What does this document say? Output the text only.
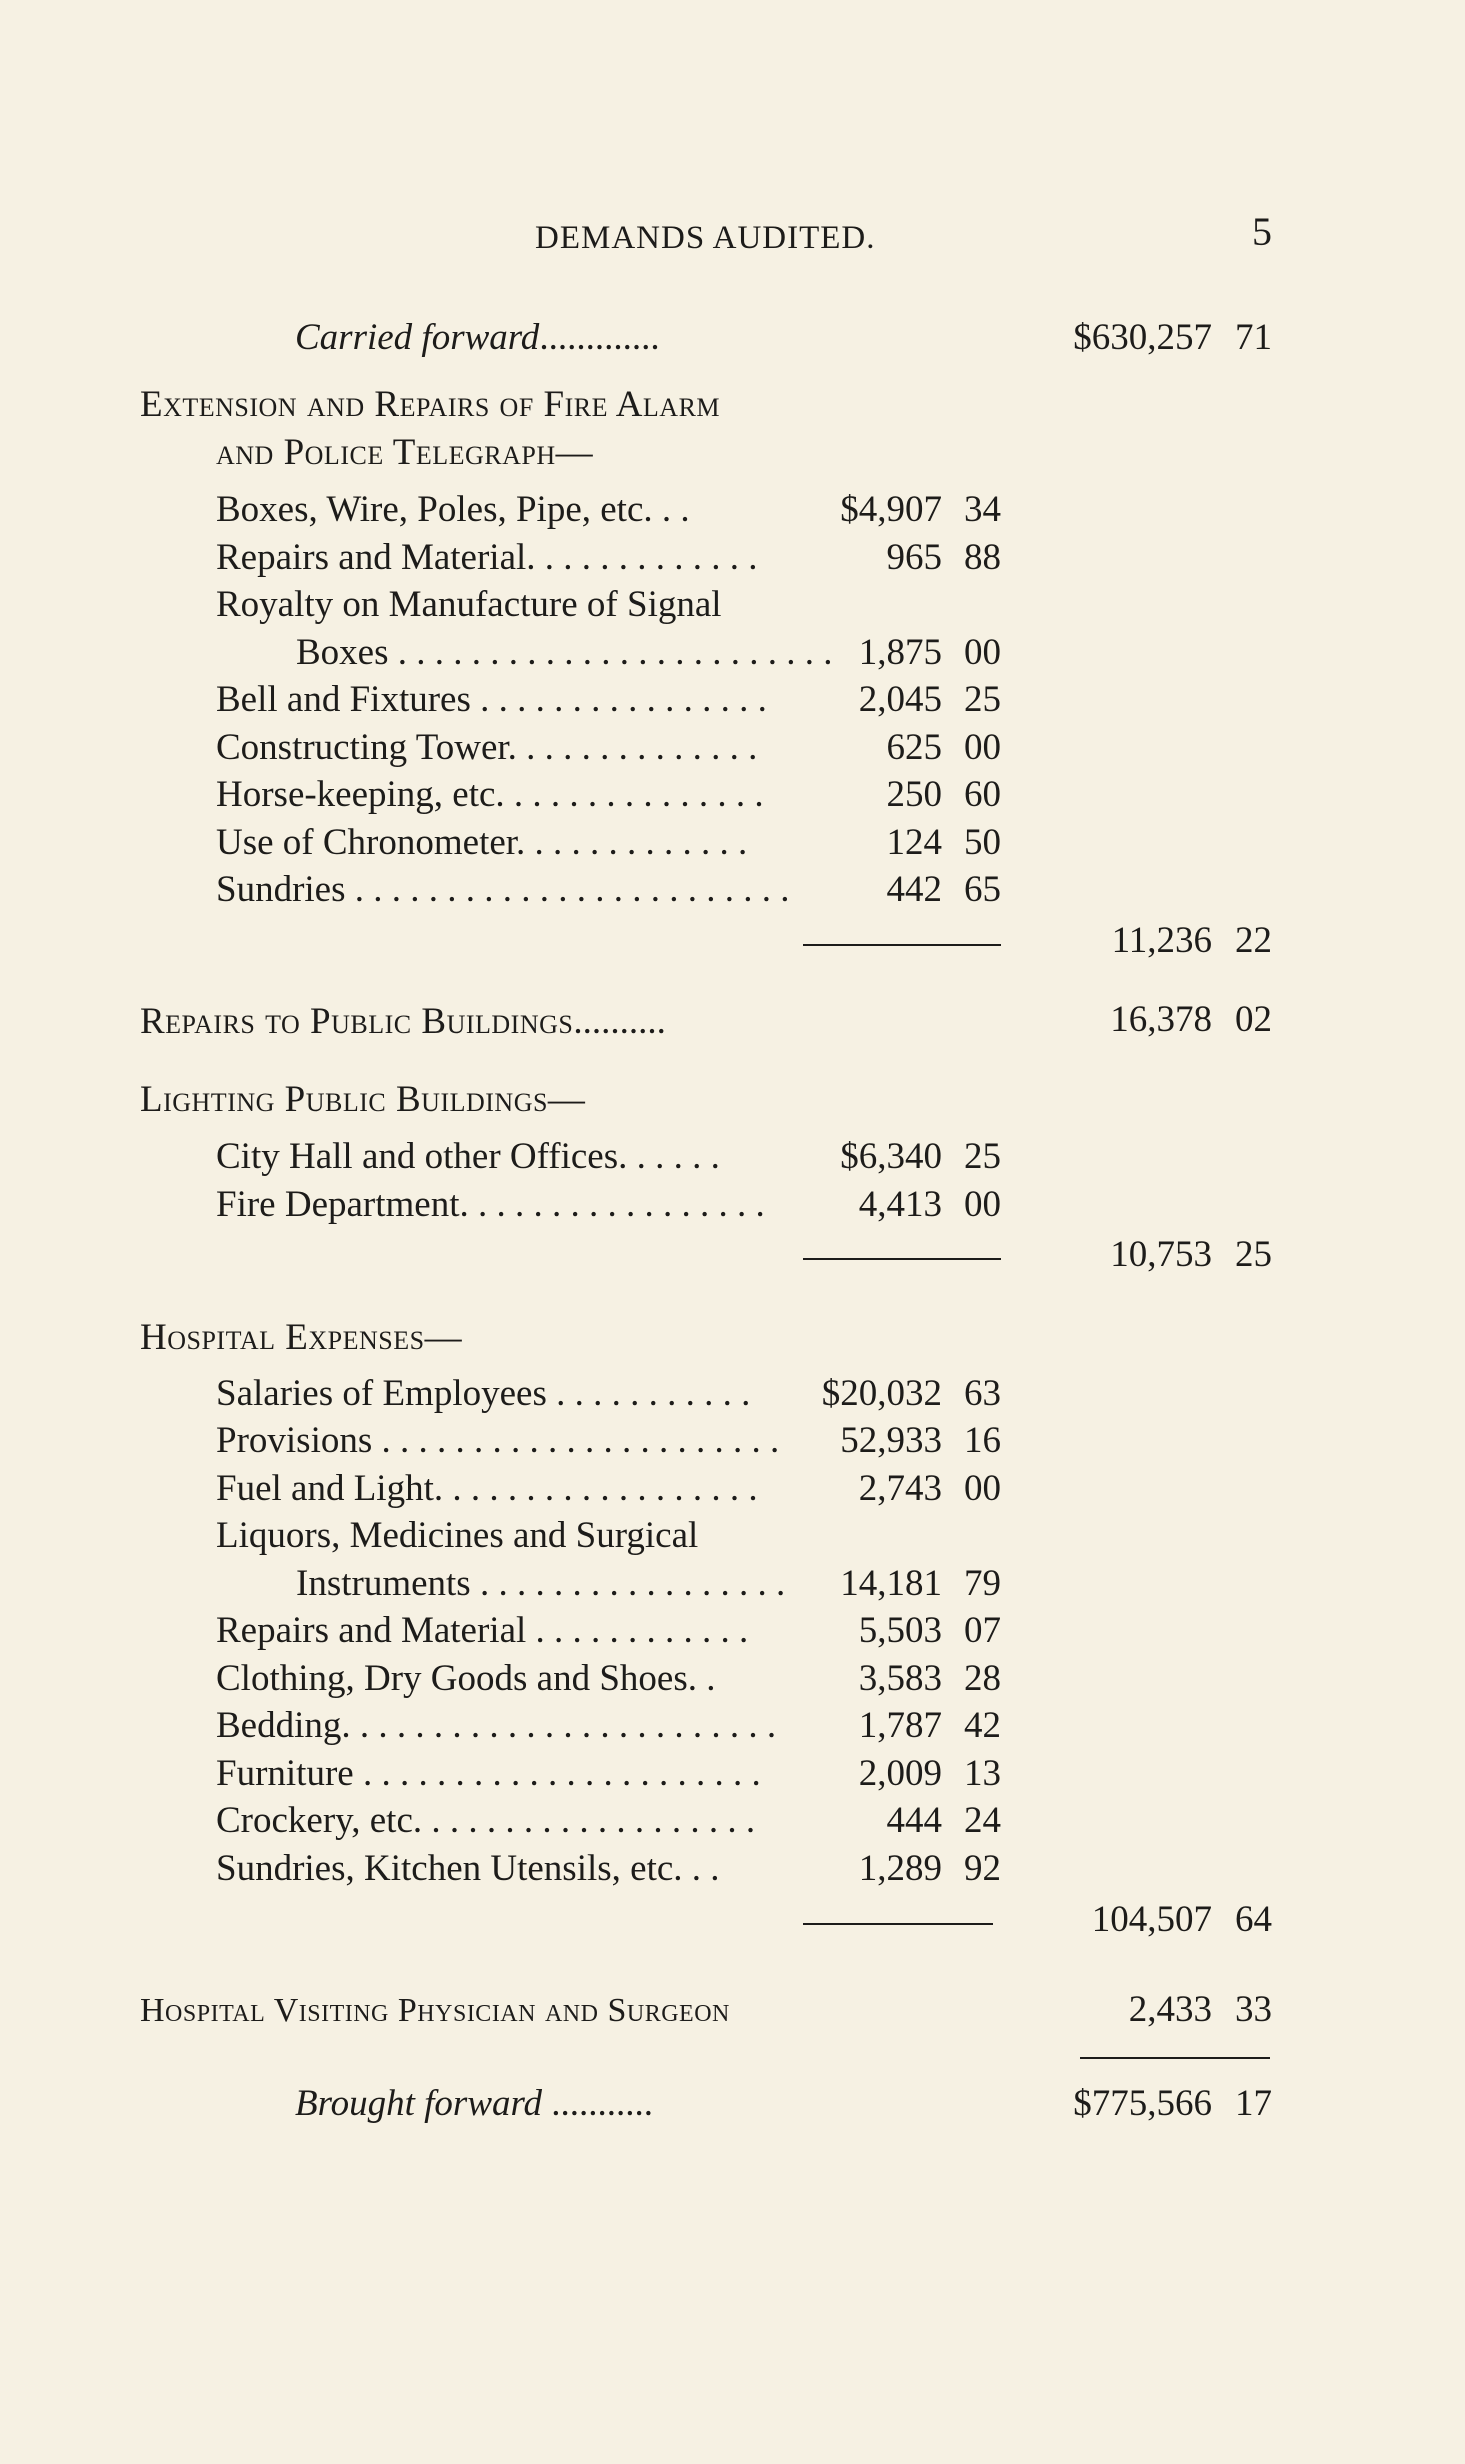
DEMANDS AUDITED.	5
Carried forward.............	$630,257 71
Extension and Repairs of Fire Alarm
and Police Telegraph—
Boxes, Wire, Poles, Pipe, etc. . .	$4,907 34
Repairs and Material. . . . . . . . . . . . .	965 88
Royalty on Manufacture of Signal
Boxes . . . . . . . . . . . . . . . . . . . . . . . . 1,875 00
Bell and Fixtures . . . . . . . . . . . . . . . . 2,045 25
Constructing Tower. . . . . . . . . . . . . .	625 00
Horse-keeping, etc. . . . . . . . . . . . . . .	250 60
Use of Chronometer. . . . . . . . . . . . .	124 50
Sundries . . . . . . . . . . . . . . . . . . . . . . . .	442 65
11,236 22
Repairs to Public Buildings..........	16,378 02
Lighting Public Buildings—
City Hall and other Offices. . . . . .	$6,340 25
Fire Department. . . . . . . . . . . . . . . . .	4,413 00
10,753 25
Hospital Expenses—
Salaries of Employees . . . . . . . . . . . $20,032 63
Provisions . . . . . . . . . . . . . . . . . . . . . . 52,933 16
Fuel and Light. . . . . . . . . . . . . . . . . .	2,743 00
Liquors, Medicines and Surgical
Instruments . . . . . . . . . . . . . . . . . 14,181 79
Repairs and Material . . . . . . . . . . . .	5,503 07
Clothing, Dry Goods and Shoes. .	3,583 28
Bedding. . . . . . . . . . . . . . . . . . . . . . . . 1,787 42
Furniture . . . . . . . . . . . . . . . . . . . . . .	2,009 13
Crockery, etc. . . . . . . . . . . . . . . . . . .	444 24
Sundries, Kitchen Utensils, etc. . .	1,289 92
104,507 64
Hospital Visiting Physician and Surgeon	2,433 33
Brought forward ...........	$775,566 17
